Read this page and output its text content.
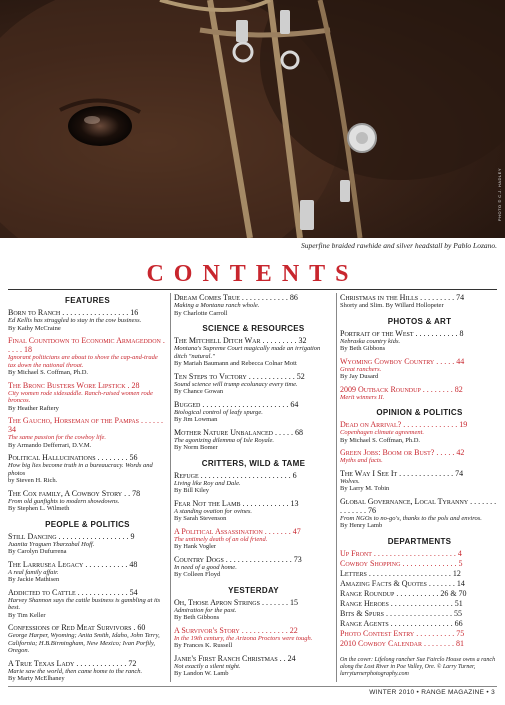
PHOTO © C.J. HADLEY
Superfine braided rawhide and silver headstall by Pablo Lozano.
CONTENTS
FEATURES
Born to Ranch . . . . . . . . . . . . . . . . . 16
Ed Kellis has struggled to stay in the cow business.
By Kathy McCraine
Final Countdown to Economic Armageddon . . . . . 18
Ignorant politicians are about to shove the cap-and-trade tax down the national throat.
By Michael S. Coffman, Ph.D.
The Bronc Busters Wore Lipstick . 28
City women rode sidesaddle. Ranch-raised women rode broncos.
By Heather Raftery
The Gaucho, Horseman of the Pampas . . . . . . 34
The same passion for the cowboy life.
By Armando Defferrari, D.V.M.
Political Hallucinations . . . . . . . . 56
How big lies become truth in a bureaucracy. Words and photos
by Steven H. Rich.
The Cox family, A Cowboy Story . . 78
From old gunfights to modern showdowns.
By Stephen L. Wilmeth
PEOPLE & POLITICS
Still Dancing . . . . . . . . . . . . . . . . . . 9
Juanita Yraguen Ybarzabal Hoff.
By Carolyn Dufurrena
The Larrusea Legacy . . . . . . . . . . . 48
A real family affair.
By Jackie Mathisen
Addicted to Cattle . . . . . . . . . . . . . 54
Harvey Shannon says the cattle business is gambling at its best.
By Tim Keller
Confessions of Red Meat Survivors . 60
George Harper, Wyoming; Anita Smith, Idaho, John Terry, California; H.B.Birmingham, New Mexico; Ivan Porfily, Oregon.
A True Texas Lady . . . . . . . . . . . . . 72
Marie saw the world, then came home to the ranch.
By Marty McElhaney
Dream Comes True . . . . . . . . . . . . 86
Making a Montana ranch whole.
By Charlotte Carroll
SCIENCE & RESOURCES
The Mitchell Ditch War . . . . . . . . . 32
Montana's Supreme Court magically made an irrigation ditch "natural."
By Mariah Baumann and Rebecca Colnar Mott
Ten Steps to Victory . . . . . . . . . . . . 52
Sound science will trump ecolunacy every time.
By Chance Gowan
Bugged . . . . . . . . . . . . . . . . . . . . . . 64
Biological control of leafy spurge.
By Jim Lowman
Mother Nature Unbalanced . . . . . 68
The agonizing dilemma of Isle Royale.
By Norm Bomer
CRITTERS, WILD & TAME
Refuge . . . . . . . . . . . . . . . . . . . . . . . 6
Living like Roy and Dale.
By Bill Kiley
Fear Not the Lamb . . . . . . . . . . . . 13
A standing ovation for ovines.
By Sarah Stevenson
A Political Assassination . . . . . . . 47
The untimely death of an old friend.
By Hank Vogler
Country Dogs . . . . . . . . . . . . . . . . . 73
In need of a good home.
By Colleen Floyd
YESTERDAY
Oh, Those Apron Strings . . . . . . . 15
Admiration for the past.
By Beth Gibbons
A Survivor's Story . . . . . . . . . . . . 22
In the 19th century, the Arizona Proctors were tough.
By Frances K. Russell
Janie's First Ranch Christmas . . 24
Not exactly a silent night.
By Landon W. Lamb
Christmas in the Hills . . . . . . . . . 74
Shorty and Slim. By Willard Hollopeter
PHOTOS & ART
Portrait of the West . . . . . . . . . . . 8
Nebraska country kids.
By Beth Gibbons
Wyoming Cowboy Country . . . . . 44
Great ranchers.
By Jay Dusard
2009 Outback Roundup . . . . . . . . 82
Merit winners II.
OPINION & POLITICS
Dead on Arrival? . . . . . . . . . . . . . . 19
Copenhagen climate agreement.
By Michael S. Coffman, Ph.D.
Green Jobs: Boom or Bust? . . . . . 42
Myths and facts.
The Way I See It . . . . . . . . . . . . . . 74
Wolves.
By Larry M. Tobin
Global Governance, Local Tyranny . . . . . . . . . . . . . . 76
From NGOs to no-go's, thanks to the pols and enviros.
By Henry Lamb
DEPARTMENTS
Up Front . . . . . . . . . . . . . . . . . . . . . 4
Cowboy Shopping . . . . . . . . . . . . . . 5
Letters . . . . . . . . . . . . . . . . . . . . . 12
Amazing Facts & Quotes . . . . . . . 14
Range Roundup . . . . . . . . . . . 26 & 70
Range Heroes . . . . . . . . . . . . . . . . 51
Bits & Spurs . . . . . . . . . . . . . . . . . 55
Range Agents . . . . . . . . . . . . . . . . 66
Photo Contest Entry . . . . . . . . . . 75
2010 Cowboy Calendar . . . . . . . . 81
On the cover: Lifelong rancher Sue Fairclo House owns a ranch along the Lost River in Poe Valley, Ore. © Larry Turner, larryturnerphotography.com
WINTER 2010 • RANGE MAGAZINE • 3
